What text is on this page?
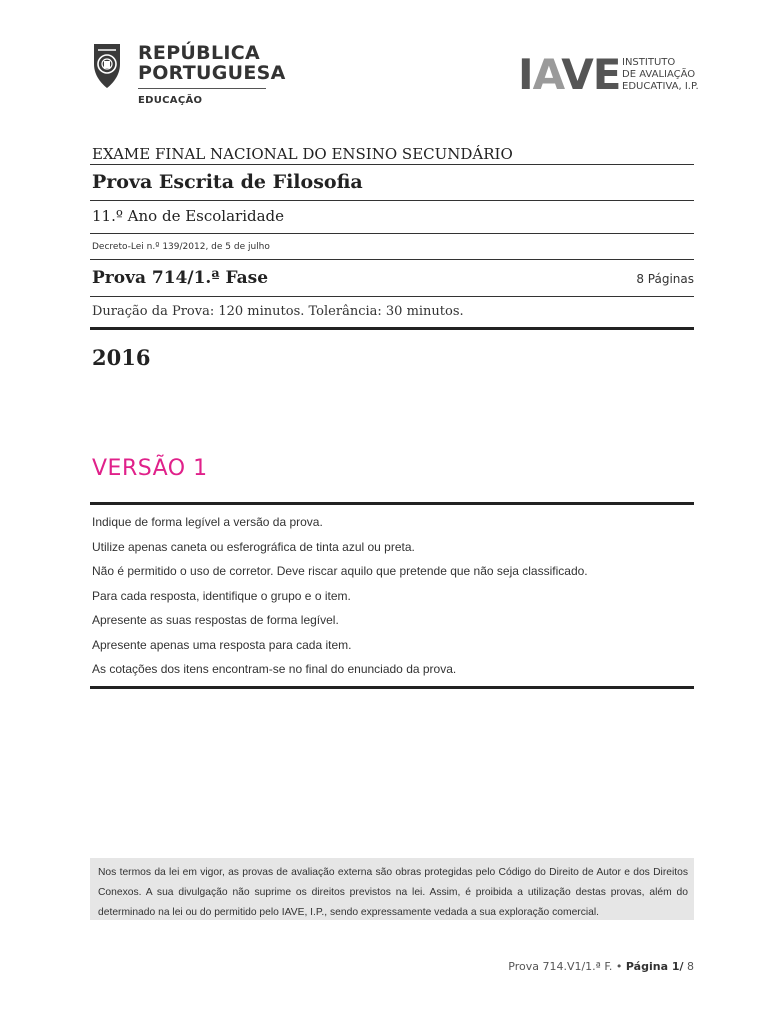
REPÚBLICA
PORTUGUESA
EDUCAÇÃO
IAVE INSTITUTO
DE AVALIAÇÃO
EDUCATIVA, I.P.
EXAME FINAL NACIONAL DO ENSINO SECUNDÁRIO
Prova Escrita de Filosofia
11.º Ano de Escolaridade
Decreto-Lei n.º 139/2012, de 5 de julho
Prova 714/1.ª Fase	8 Páginas
Duração da Prova: 120 minutos. Tolerância: 30 minutos.
2016
VERSÃO 1
Indique de forma legível a versão da prova.
Utilize apenas caneta ou esferográfica de tinta azul ou preta.
Não é permitido o uso de corretor. Deve riscar aquilo que pretende que não seja classificado.
Para cada resposta, identifique o grupo e o item.
Apresente as suas respostas de forma legível.
Apresente apenas uma resposta para cada item.
As cotações dos itens encontram-se no final do enunciado da prova.

Nos termos da lei em vigor, as provas de avaliação externa são obras protegidas pelo Código do Direito de Autor e dos Direitos Conexos. A sua divulgação não suprime os direitos previstos na lei. Assim, é proibida a utilização destas provas, além do determinado na lei ou do permitido pelo IAVE, I.P., sendo expressamente vedada a sua exploração comercial.

Prova 714.V1/1.ª F. • Página 1/ 8
